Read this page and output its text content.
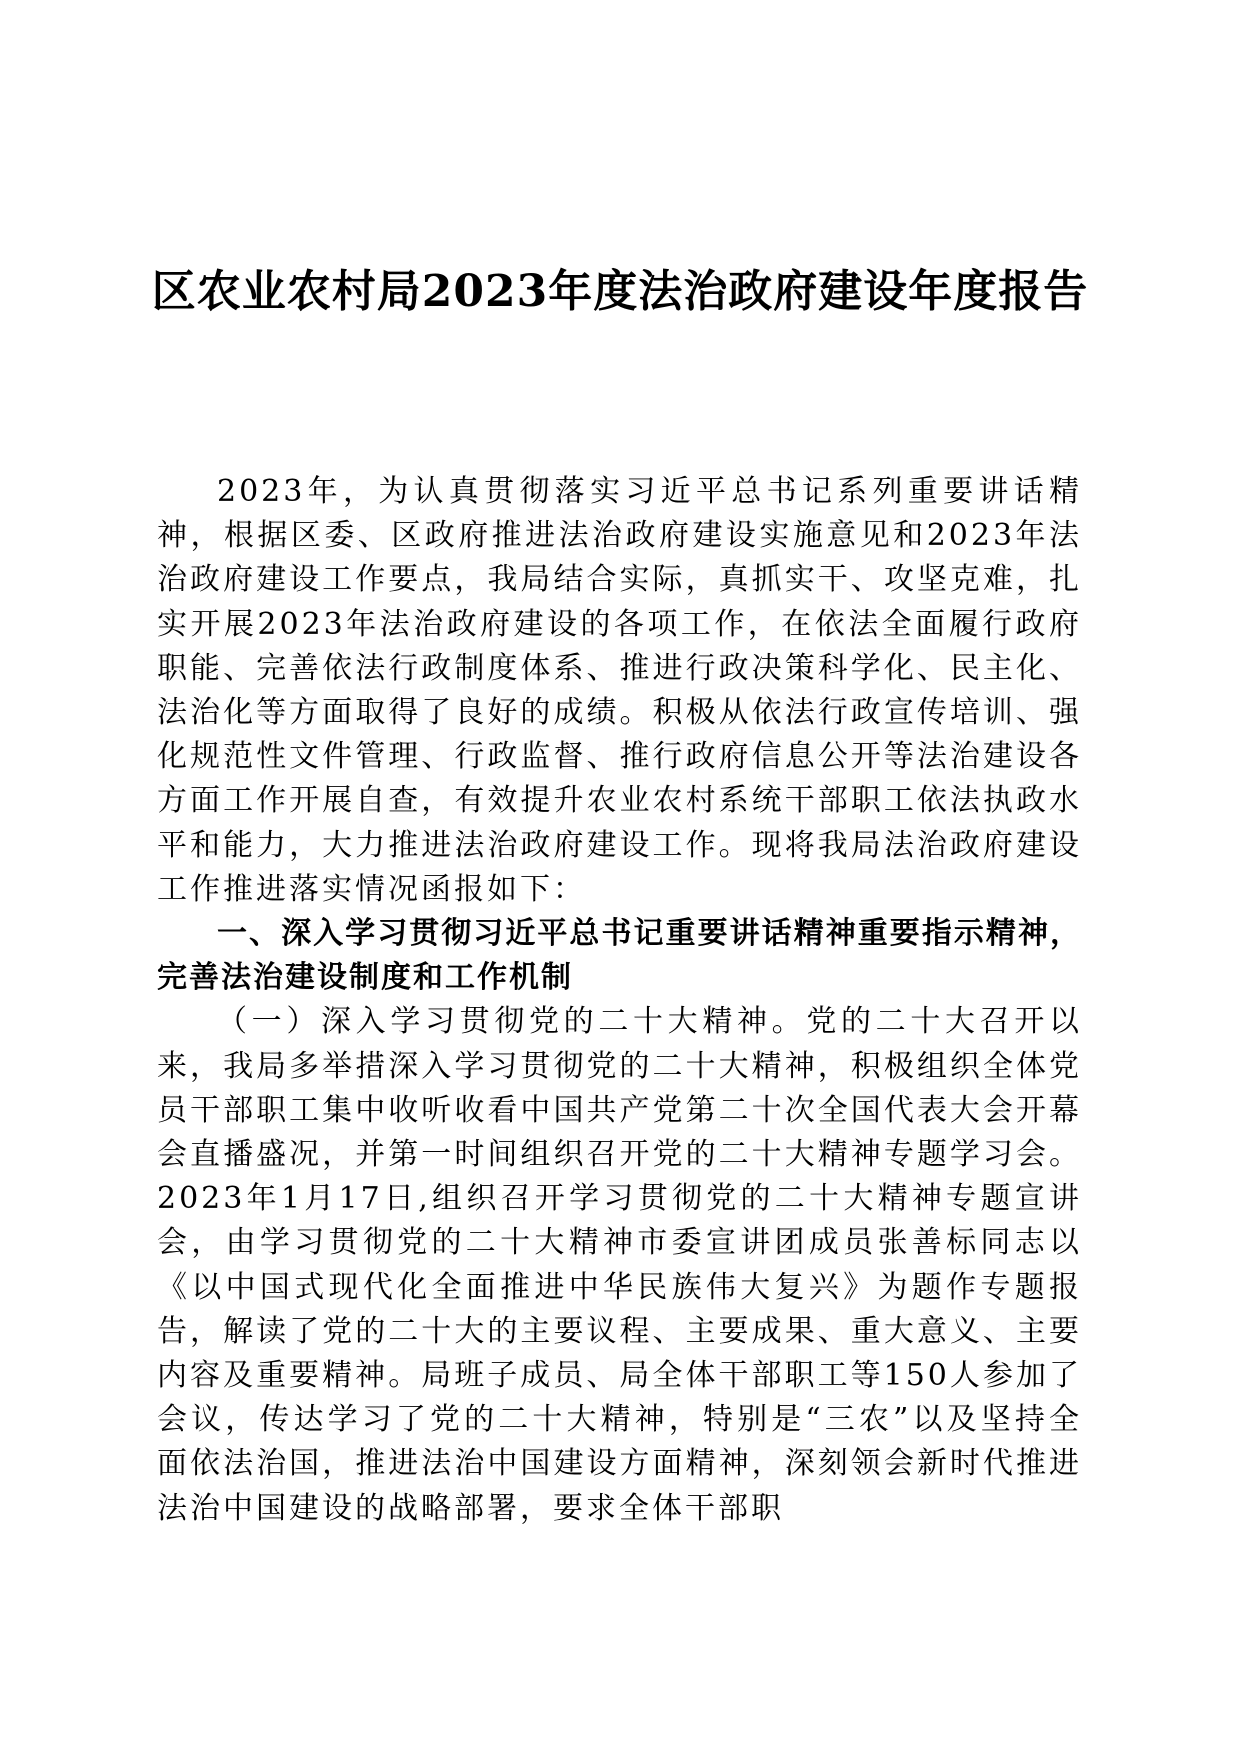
区农业农村局2023年度法治政府建设年度报告

2023年，为认真贯彻落实习近平总书记系列重要讲话精神，根据区委、区政府推进法治政府建设实施意见和2023年法治政府建设工作要点，我局结合实际，真抓实干、攻坚克难，扎实开展2023年法治政府建设的各项工作，在依法全面履行政府职能、完善依法行政制度体系、推进行政决策科学化、民主化、法治化等方面取得了良好的成绩。积极从依法行政宣传培训、强化规范性文件管理、行政监督、推行政府信息公开等法治建设各方面工作开展自查，有效提升农业农村系统干部职工依法执政水平和能力，大力推进法治政府建设工作。现将我局法治政府建设工作推进落实情况函报如下：

一、深入学习贯彻习近平总书记重要讲话精神重要指示精神，完善法治建设制度和工作机制

（一）深入学习贯彻党的二十大精神。党的二十大召开以来，我局多举措深入学习贯彻党的二十大精神，积极组织全体党员干部职工集中收听收看中国共产党第二十次全国代表大会开幕会直播盛况，并第一时间组织召开党的二十大精神专题学习会。2023年1月17日,组织召开学习贯彻党的二十大精神专题宣讲会，由学习贯彻党的二十大精神市委宣讲团成员张善标同志以《以中国式现代化全面推进中华民族伟大复兴》为题作专题报告，解读了党的二十大的主要议程、主要成果、重大意义、主要内容及重要精神。局班子成员、局全体干部职工等150人参加了会议，传达学习了党的二十大精神，特别是“三农”以及坚持全面依法治国，推进法治中国建设方面精神，深刻领会新时代推进法治中国建设的战略部署，要求全体干部职
